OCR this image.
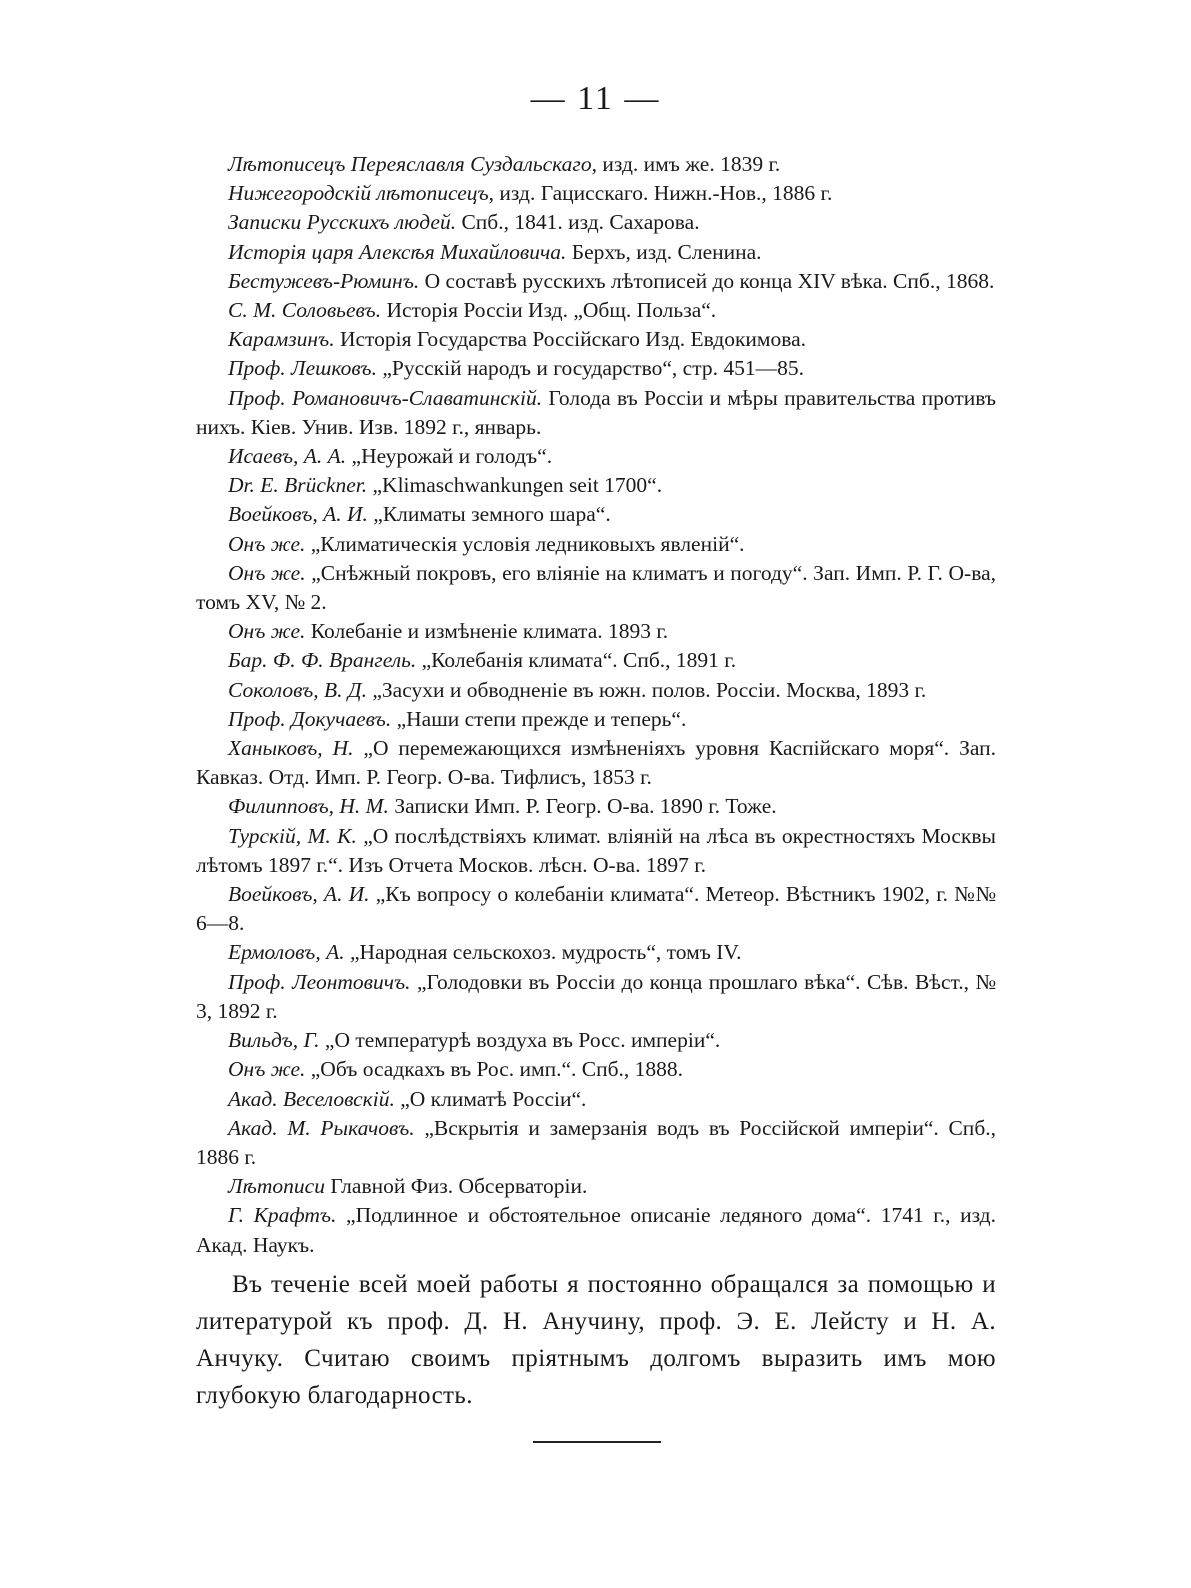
— 11 —

Лѣтописецъ Переяславля Суздальскаго, изд. имъ же. 1839 г.

Нижегородскій лѣтописецъ, изд. Гацисскаго. Нижн.-Нов., 1886 г.

Записки Русскихъ людей. Спб., 1841. изд. Сахарова.

Исторія царя Алексѣя Михайловича. Берхъ, изд. Сленина.

Бестужевъ-Рюминъ. О составѣ русскихъ лѣтописей до конца XIV вѣка. Спб., 1868.

С. М. Соловьевъ. Исторія Россіи Изд. „Общ. Польза“.

Карамзинъ. Исторія Государства Россійскаго Изд. Евдокимова.

Проф. Лешковъ. „Русскій народъ и государство“, стр. 451—85.

Проф. Романовичъ-Славатинскій. Голода въ Россіи и мѣры правительства противъ нихъ. Кiев. Унив. Изв. 1892 г., январь.

Исаевъ, А. А. „Неурожай и голодъ“.

Dr. E. Brückner. „Klimaschwankungen seit 1700“.

Воейковъ, А. И. „Климаты земного шара“.

Онъ же. „Климатическія условія ледниковыхъ явленій“.

Онъ же. „Снѣжный покровъ, его вліяніе на климатъ и погоду“. Зап. Имп. Р. Г. О-ва, томъ XV, № 2.

Онъ же. Колебаніе и измѣненіе климата. 1893 г.

Бар. Ф. Ф. Врангель. „Колебанія климата“. Спб., 1891 г.

Соколовъ, В. Д. „Засухи и обводненіе въ южн. полов. Россіи. Москва, 1893 г.

Проф. Докучаевъ. „Наши степи прежде и теперь“.

Ханыковъ, Н. „О перемежающихся измѣненіяхъ уровня Каспійскаго моря“. Зап. Кавказ. Отд. Имп. Р. Геогр. О-ва. Тифлисъ, 1853 г.

Филипповъ, Н. М. Записки Имп. Р. Геогр. О-ва. 1890 г. Тоже.

Турскій, М. К. „О послѣдствіяхъ климат. вліяній на лѣса въ окрестностяхъ Москвы лѣтомъ 1897 г.“. Изъ Отчета Москов. лѣсн. О-ва. 1897 г.

Воейковъ, А. И. „Къ вопросу о колебаніи климата“. Метеор. Вѣстникъ 1902, г. №№ 6—8.

Ермоловъ, А. „Народная сельскохоз. мудрость“, томъ IV.

Проф. Леонтовичъ. „Голодовки въ Россіи до конца прошлаго вѣка“. Сѣв. Вѣст., № 3, 1892 г.

Вильдъ, Г. „О температурѣ воздуха въ Росс. имперіи“.

Онъ же. „Объ осадкахъ въ Рос. имп.“. Спб., 1888.

Акад. Веселовскій. „О климатѣ Россіи“.

Акад. М. Рыкачовъ. „Вскрытія и замерзанія водъ въ Россійской имперіи“. Спб., 1886 г.

Лѣтописи Главной Физ. Обсерваторіи.

Г. Крафтъ. „Подлинное и обстоятельное описаніе ледяного дома“. 1741 г., изд. Акад. Наукъ.

Въ теченіе всей моей работы я постоянно обращался за помощью и литературой къ проф. Д. Н. Анучину, проф. Э. Е. Лейсту и Н. А. Анчуку. Считаю своимъ пріятнымъ долгомъ выразить имъ мою глубокую благодарность.
